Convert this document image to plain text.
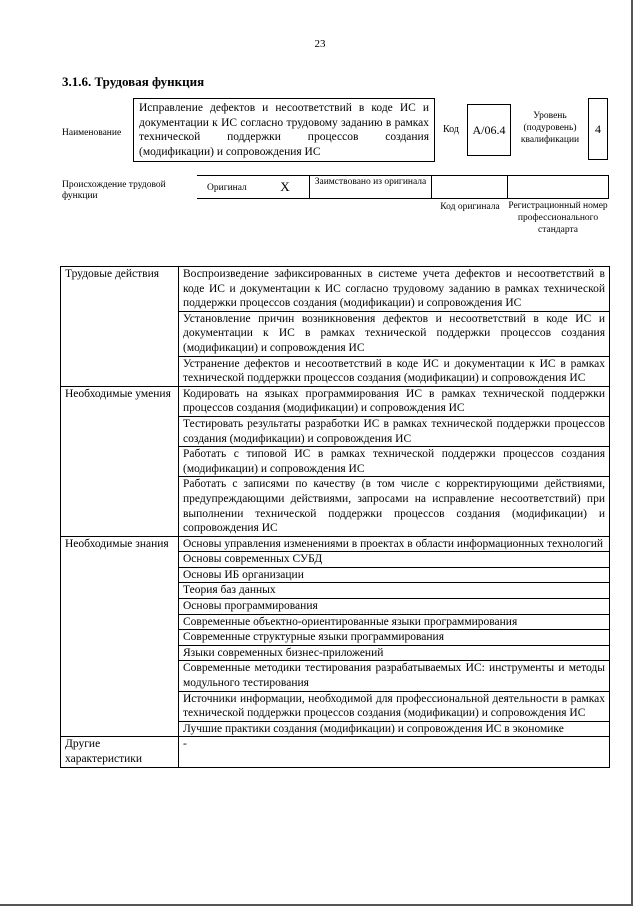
23
3.1.6. Трудовая функция
Наименование
Исправление дефектов и несоответствий в коде ИС и документации к ИС согласно трудовому заданию в рамках технической поддержки процессов создания (модификации) и сопровождения ИС
Код	A/06.4
Уровень (подуровень) квалификации
4
Происхождение трудовой функции
Оригинал	X	Заимствовано из оригинала
Код оригинала Регистрационный номер профессионального стандарта
Трудовые действия	Воспроизведение зафиксированных в системе учета дефектов и несоответствий в коде ИС и документации к ИС согласно трудовому заданию в рамках технической поддержки процессов создания (модификации) и сопровождения ИС
	Установление причин возникновения дефектов и несоответствий в коде ИС и документации к ИС в рамках технической поддержки процессов создания (модификации) и сопровождения ИС
	Устранение дефектов и несоответствий в коде ИС и документации к ИС в рамках технической поддержки процессов создания (модификации) и сопровождения ИС
Необходимые умения	Кодировать на языках программирования ИС в рамках технической поддержки процессов создания (модификации) и сопровождения ИС
	Тестировать результаты разработки ИС в рамках технической поддержки процессов создания (модификации) и сопровождения ИС
	Работать с типовой ИС в рамках технической поддержки процессов создания (модификации) и сопровождения ИС
	Работать с записями по качеству (в том числе с корректирующими действиями, предупреждающими действиями, запросами на исправление несоответствий) при выполнении технической поддержки процессов создания (модификации) и сопровождения ИС
Необходимые знания	Основы управления изменениями в проектах в области информационных технологий
	Основы современных СУБД
	Основы ИБ организации
	Теория баз данных
	Основы программирования
	Современные объектно-ориентированные языки программирования
	Современные структурные языки программирования
	Языки современных бизнес-приложений
	Современные методики тестирования разрабатываемых ИС: инструменты и методы модульного тестирования
	Источники информации, необходимой для профессиональной деятельности в рамках технической поддержки процессов создания (модификации) и сопровождения ИС
	Лучшие практики создания (модификации) и сопровождения ИС в экономике
Другие характеристики	-
